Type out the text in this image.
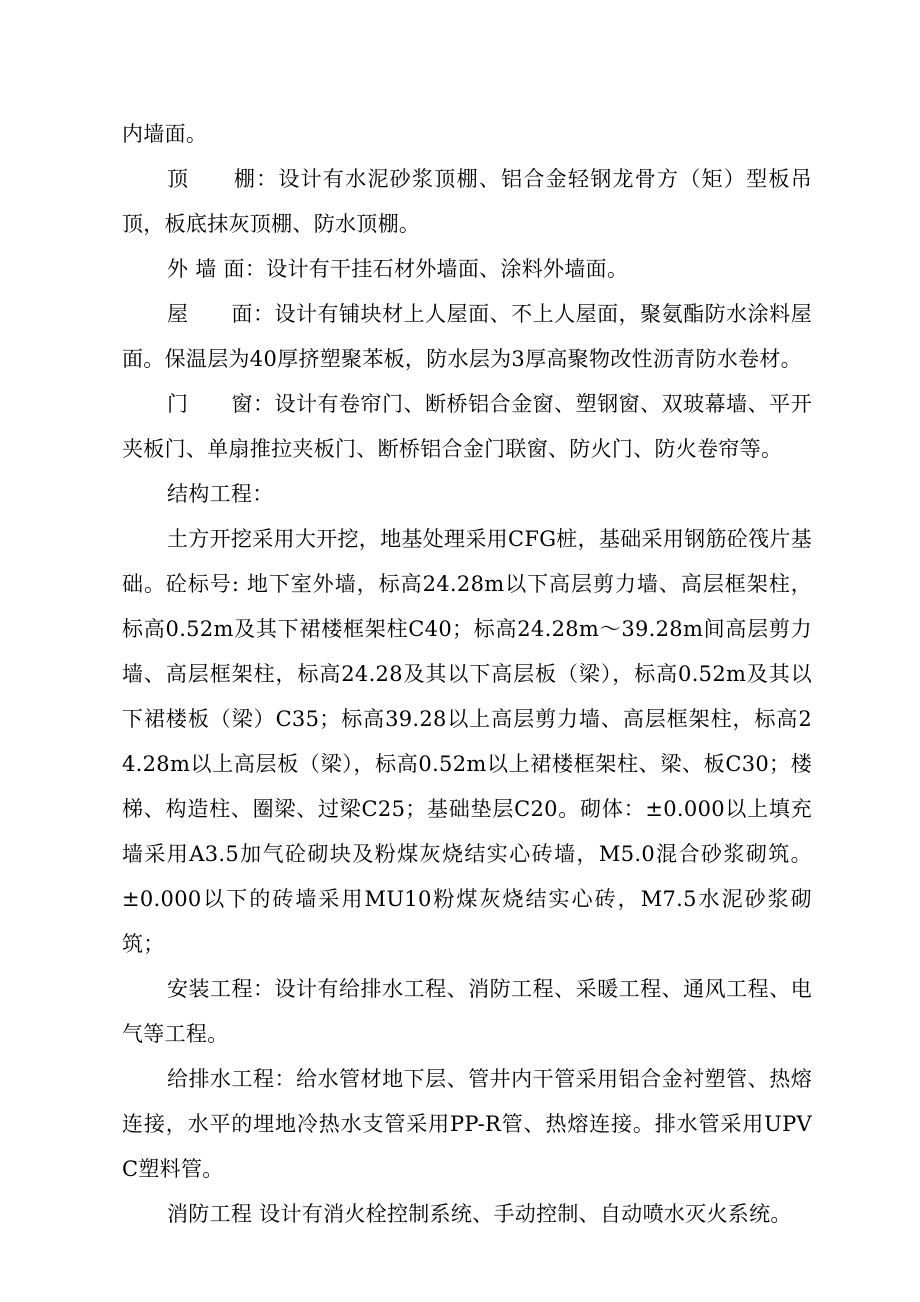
内墙面。

顶　　棚：设计有水泥砂浆顶棚、铝合金轻钢龙骨方（矩）型板吊顶，板底抹灰顶棚、防水顶棚。

外 墙 面：设计有干挂石材外墙面、涂料外墙面。

屋　　面：设计有铺块材上人屋面、不上人屋面，聚氨酯防水涂料屋面。保温层为40厚挤塑聚苯板，防水层为3厚高聚物改性沥青防水卷材。

门　　窗：设计有卷帘门、断桥铝合金窗、塑钢窗、双玻幕墙、平开夹板门、单扇推拉夹板门、断桥铝合金门联窗、防火门、防火卷帘等。

结构工程：

土方开挖采用大开挖，地基处理采用CFG桩，基础采用钢筋砼筏片基础。砼标号: 地下室外墙，标高24.28m以下高层剪力墙、高层框架柱，标高0.52m及其下裙楼框架柱C40；标高24.28m～39.28m间高层剪力墙、高层框架柱，标高24.28及其以下高层板（梁），标高0.52m及其以下裙楼板（梁）C35；标高39.28以上高层剪力墙、高层框架柱，标高24.28m以上高层板（梁），标高0.52m以上裙楼框架柱、梁、板C30；楼梯、构造柱、圈梁、过梁C25；基础垫层C20。砌体：±0.000以上填充墙采用A3.5加气砼砌块及粉煤灰烧结实心砖墙，M5.0混合砂浆砌筑。±0.000以下的砖墙采用MU10粉煤灰烧结实心砖，M7.5水泥砂浆砌筑；

安装工程：设计有给排水工程、消防工程、采暖工程、通风工程、电气等工程。

给排水工程：给水管材地下层、管井内干管采用铝合金衬塑管、热熔连接，水平的埋地冷热水支管采用PP-R管、热熔连接。排水管采用UPVC塑料管。

消防工程 设计有消火栓控制系统、手动控制、自动喷水灭火系统。
